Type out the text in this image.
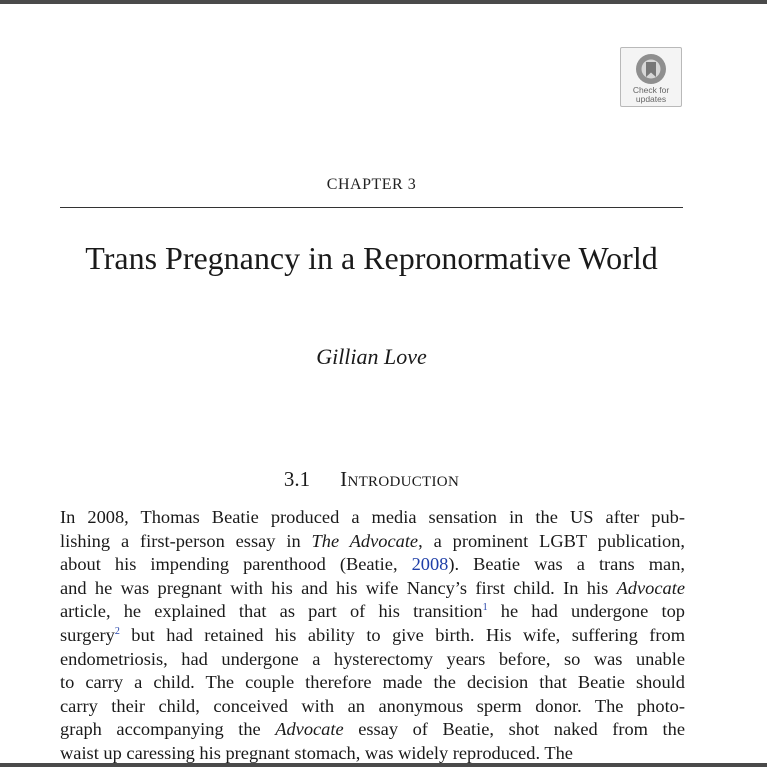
Check for
updates
CHAPTER 3
Trans Pregnancy in a Repronormative World
Gillian Love
3.1 Introduction
In 2008, Thomas Beatie produced a media sensation in the US after pub-
lishing a first-person essay in The Advocate, a prominent LGBT publication,
about his impending parenthood (Beatie, 2008). Beatie was a trans man,
and he was pregnant with his and his wife Nancy’s first child. In his Advocate
article, he explained that as part of his transition$^1$ he had undergone top
surgery$^2$ but had retained his ability to give birth. His wife, suffering from
endometriosis, had undergone a hysterectomy years before, so was unable
to carry a child. The couple therefore made the decision that Beatie should
carry their child, conceived with an anonymous sperm donor. The photo-
graph accompanying the Advocate essay of Beatie, shot naked from the
waist up caressing his pregnant stomach, was widely reproduced. The
